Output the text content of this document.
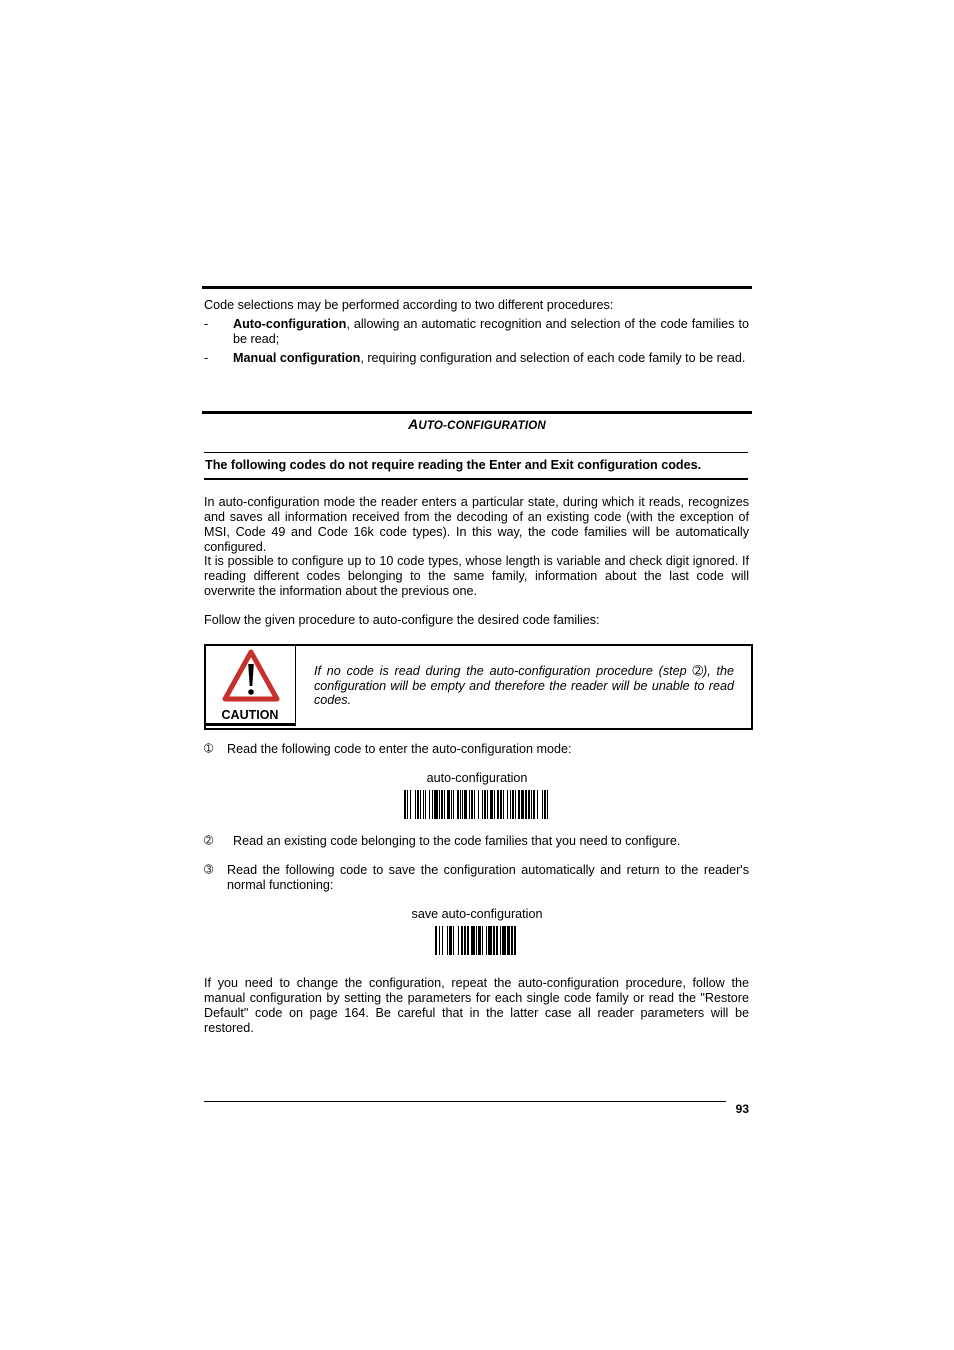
Code selections may be performed according to two different procedures:

- Auto-configuration, allowing an automatic recognition and selection of the code families to be read;

- Manual configuration, requiring configuration and selection of each code family to be read.

AUTO-CONFIGURATION

The following codes do not require reading the Enter and Exit configuration codes.

In auto-configuration mode the reader enters a particular state, during which it reads, recognizes and saves all information received from the decoding of an existing code (with the exception of MSI, Code 49 and Code 16k code types). In this way, the code families will be automatically configured.

It is possible to configure up to 10 code types, whose length is variable and check digit ignored. If reading different codes belonging to the same family, information about the last code will overwrite the information about the previous one.

Follow the given procedure to auto-configure the desired code families:

CAUTION

If no code is read during the auto-configuration procedure (step ➁), the configuration will be empty and therefore the reader will be unable to read codes.

➀ Read the following code to enter the auto-configuration mode:

auto-configuration
➁ Read an existing code belonging to the code families that you need to configure.

➂ Read the following code to save the configuration automatically and return to the reader's normal functioning:

save auto-configuration

If you need to change the configuration, repeat the auto-configuration procedure, follow the manual configuration by setting the parameters for each single code family or read the "Restore Default" code on page 164. Be careful that in the latter case all reader parameters will be restored.

93
